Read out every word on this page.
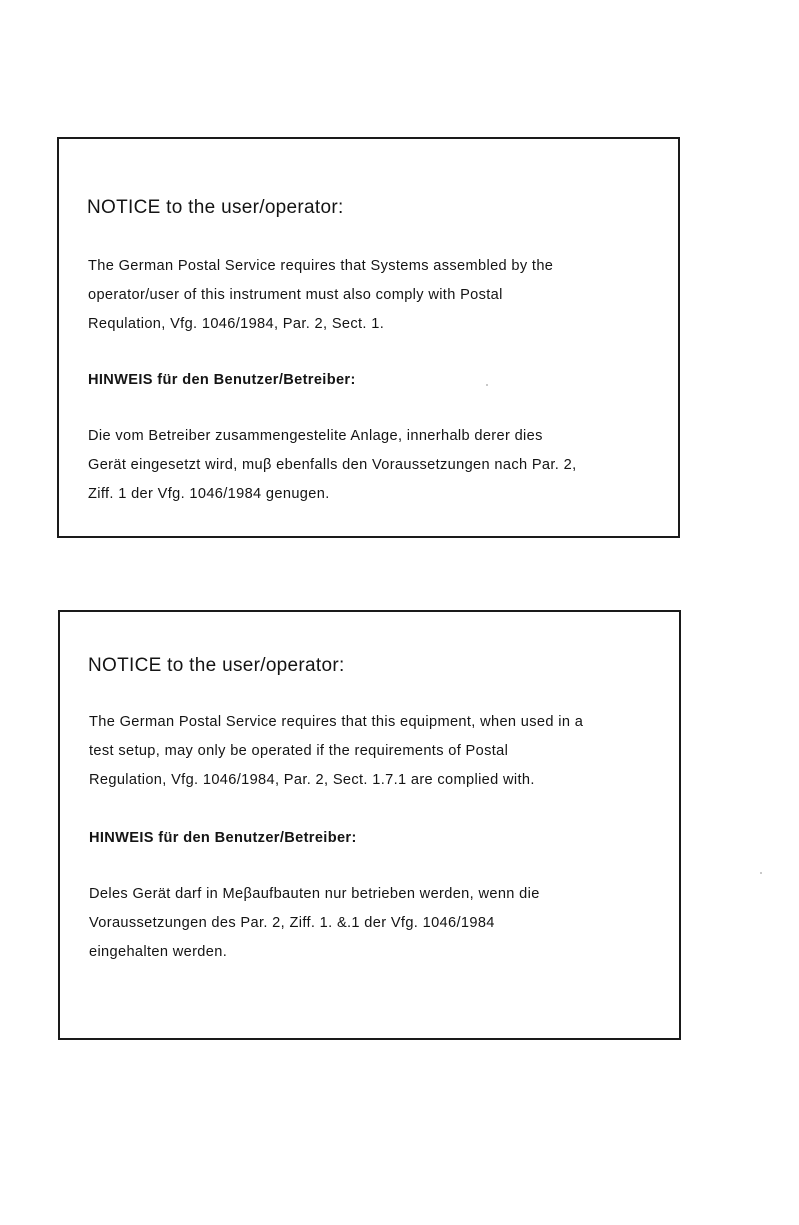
NOTICE to the user/operator:

The German Postal Service requires that Systems assembled by the
operator/user of this instrument must also comply with Postal
Requlation, Vfg. 1046/1984, Par. 2, Sect. 1.

HINWEIS für den Benutzer/Betreiber:

Die vom Betreiber zusammengestelite Anlage, innerhalb derer dies
Gerät eingesetzt wird, muβ ebenfalls den Voraussetzungen nach Par. 2,
Ziff. 1 der Vfg. 1046/1984 genugen.

NOTICE to the user/operator:

The German Postal Service requires that this equipment, when used in a
test setup, may only be operated if the requirements of Postal
Regulation, Vfg. 1046/1984, Par. 2, Sect. 1.7.1 are complied with.

HINWEIS für den Benutzer/Betreiber:

Deles Gerät darf in Meβaufbauten nur betrieben werden, wenn die
Voraussetzungen des Par. 2, Ziff. 1. &.1 der Vfg. 1046/1984
eingehalten werden.
